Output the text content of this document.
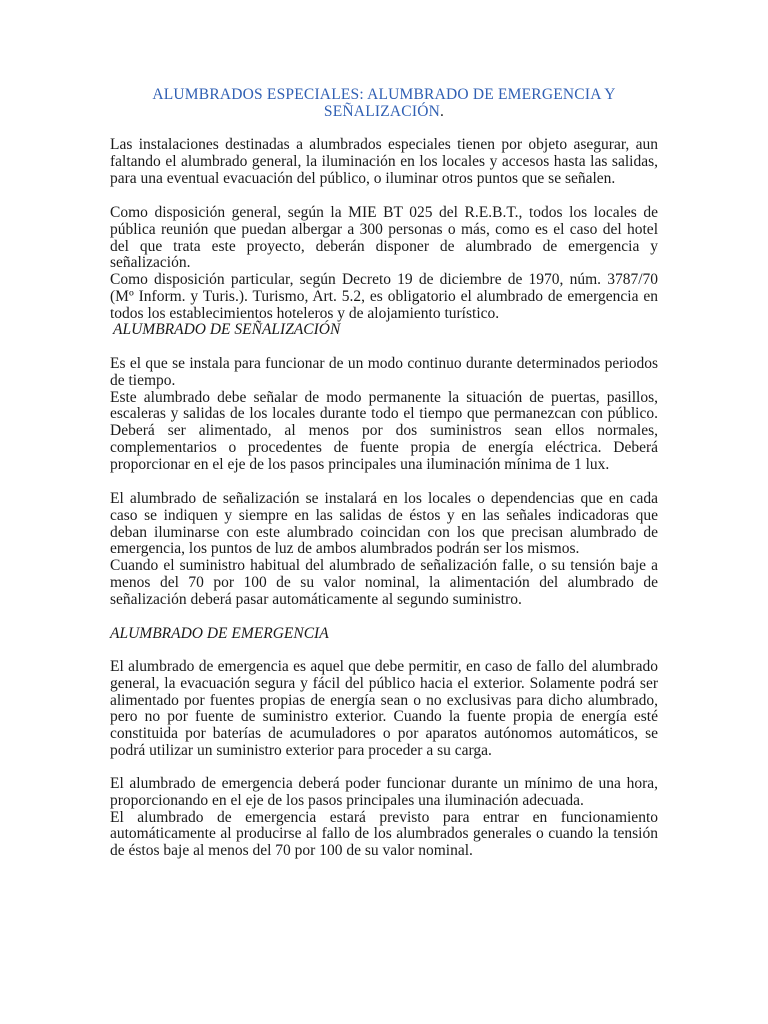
ALUMBRADOS ESPECIALES: ALUMBRADO DE EMERGENCIA Y SEÑALIZACIÓN.

Las instalaciones destinadas a alumbrados especiales tienen por objeto asegurar, aun faltando el alumbrado general, la iluminación en los locales y accesos hasta las salidas, para una eventual evacuación del público, o iluminar otros puntos que se señalen.

Como disposición general, según la MIE BT 025 del R.E.B.T., todos los locales de pública reunión que puedan albergar a 300 personas o más, como es el caso del hotel del que trata este proyecto, deberán disponer de alumbrado de emergencia y señalización.
Como disposición particular, según Decreto 19 de diciembre de 1970, núm. 3787/70 (Mº Inform. y Turis.). Turismo, Art. 5.2, es obligatorio el alumbrado de emergencia en todos los establecimientos hoteleros y de alojamiento turístico.

ALUMBRADO DE SEÑALIZACIÓN

Es el que se instala para funcionar de un modo continuo durante determinados periodos de tiempo.
Este alumbrado debe señalar de modo permanente la situación de puertas, pasillos, escaleras y salidas de los locales durante todo el tiempo que permanezcan con público. Deberá ser alimentado, al menos por dos suministros sean ellos normales, complementarios o procedentes de fuente propia de energía eléctrica. Deberá proporcionar en el eje de los pasos principales una iluminación mínima de 1 lux.

El alumbrado de señalización se instalará en los locales o dependencias que en cada caso se indiquen y siempre en las salidas de éstos y en las señales indicadoras que deban iluminarse con este alumbrado coincidan con los que precisan alumbrado de emergencia, los puntos de luz de ambos alumbrados podrán ser los mismos.
Cuando el suministro habitual del alumbrado de señalización falle, o su tensión baje a menos del 70 por 100 de su valor nominal, la alimentación del alumbrado de señalización deberá pasar automáticamente al segundo suministro.

ALUMBRADO DE EMERGENCIA

El alumbrado de emergencia es aquel que debe permitir, en caso de fallo del alumbrado general, la evacuación segura y fácil del público hacia el exterior. Solamente podrá ser alimentado por fuentes propias de energía sean o no exclusivas para dicho alumbrado, pero no por fuente de suministro exterior. Cuando la fuente propia de energía esté constituida por baterías de acumuladores o por aparatos autónomos automáticos, se podrá utilizar un suministro exterior para proceder a su carga.

El alumbrado de emergencia deberá poder funcionar durante un mínimo de una hora, proporcionando en el eje de los pasos principales una iluminación adecuada.
El alumbrado de emergencia estará previsto para entrar en funcionamiento automáticamente al producirse al fallo de los alumbrados generales o cuando la tensión de éstos baje al menos del 70 por 100 de su valor nominal.
